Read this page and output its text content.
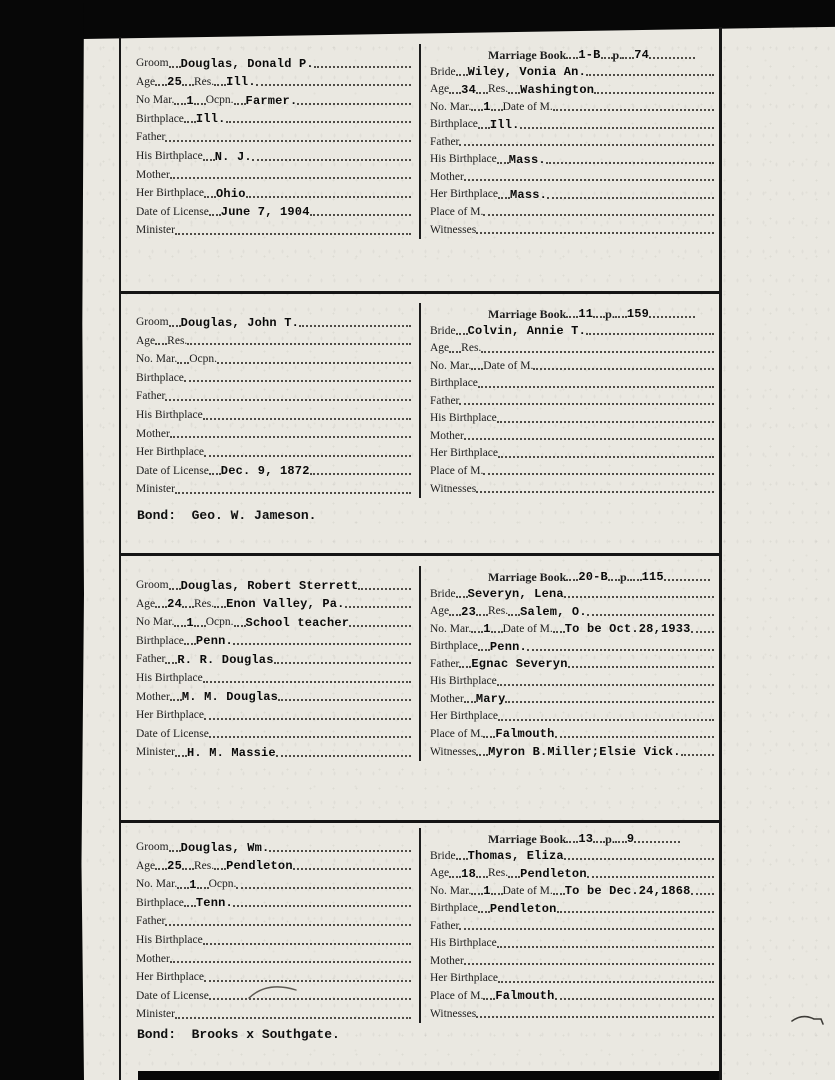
Groom Douglas, Donald P.
Age 25 Res. Ill.
No Mar. 1 Ocpn. Farmer.
Birthplace Ill.
Father
His Birthplace N. J.
Mother
Her Birthplace Ohio
Date of License June 7, 1904
Minister
Marriage Book 1-B p. 74
Bride Wiley, Vonia An.
Age 34 Res. Washington
No. Mar. 1 Date of M.
Birthplace Ill.
Father
His Birthplace Mass.
Mother
Her Birthplace Mass.
Place of M.
Witnesses
Groom Douglas, John T.
Age Res.
No. Mar. Ocpn.
Birthplace
Father
His Birthplace
Mother
Her Birthplace
Date of License Dec. 9, 1872
Minister
Marriage Book 11 p. 159
Bride Colvin, Annie T.
Age Res.
No. Mar. Date of M.
Birthplace
Father
His Birthplace
Mother
Her Birthplace
Place of M.
Witnesses
Bond:  Geo. W. Jameson.
Groom Douglas, Robert Sterrett
Age 24 Res. Enon Valley, Pa.
No Mar. 1 Ocpn. School teacher
Birthplace Penn.
Father R. R. Douglas
His Birthplace
Mother M. M. Douglas
Her Birthplace
Date of License
Minister H. M. Massie
Marriage Book 20-B p. 115
Bride Severyn, Lena
Age 23 Res. Salem, O.
No. Mar. 1 Date of M. To be Oct.28,1933
Birthplace Penn.
Father Egnac Severyn
His Birthplace
Mother Mary
Her Birthplace
Place of M. Falmouth
Witnesses Myron B.Miller;Elsie Vick.
Groom Douglas, Wm.
Age 25 Res. Pendleton
No. Mar. 1 Ocpn.
Birthplace Tenn.
Father
His Birthplace
Mother
Her Birthplace
Date of License
Minister
Marriage Book 13 p. 9
Bride Thomas, Eliza
Age 18 Res. Pendleton
No. Mar. 1 Date of M. To be Dec.24,1868
Birthplace Pendleton
Father
His Birthplace
Mother
Her Birthplace
Place of M. Falmouth
Witnesses
Bond:  Brooks x Southgate.
